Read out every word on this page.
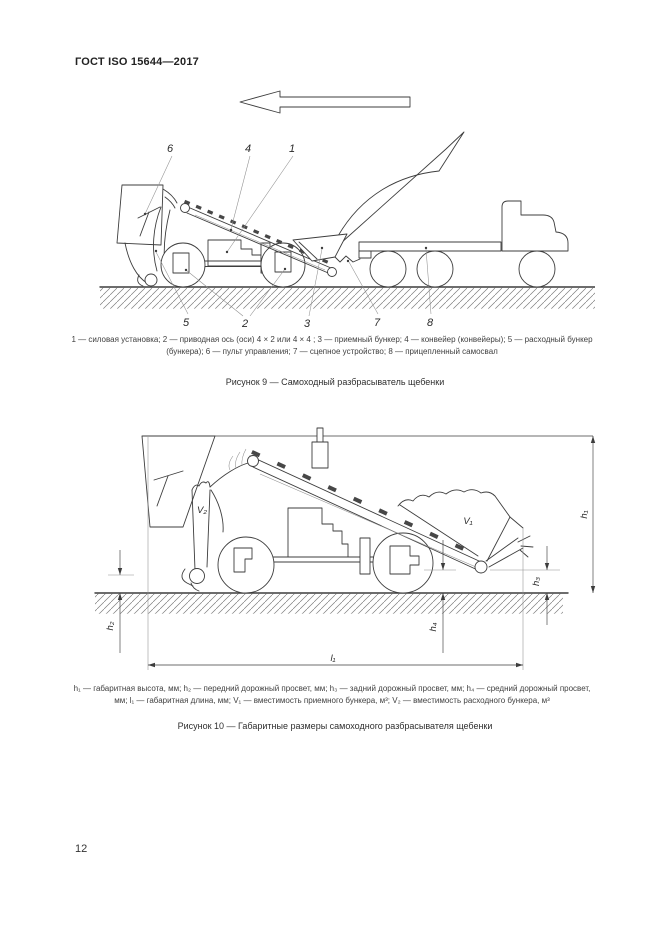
ГОСТ ISO 15644—2017
6	4	1
5	2	3	7	8
1 — силовая установка; 2 — приводная ось (оси) 4 × 2 или 4 × 4 ; 3 — приемный бункер; 4 — конвейер (конвейеры); 5 — расходный бункер (бункера); 6 — пульт управления; 7 — сцепное устройство; 8 — прицепленный самосвал
Рисунок 9 — Самоходный разбрасыватель щебенки
h₁
h₂
h₃
h₄
l₁
V₂
V₁
h₁ — габаритная высота, мм; h₂ — передний дорожный просвет, мм; h₃ — задний дорожный просвет, мм; h₄ — средний дорожный просвет, мм; l₁ — габаритная длина, мм; V₁ — вместимость приемного бункера, м³; V₂ — вместимость расходного бункера, м³
Рисунок 10 — Габаритные размеры самоходного разбрасывателя щебенки
12
